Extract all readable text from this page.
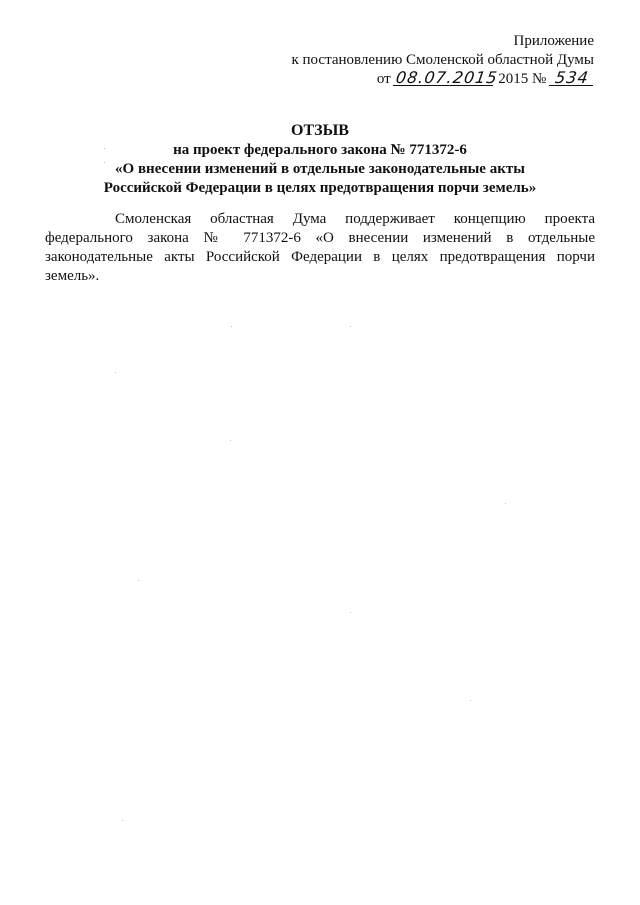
Приложение
к постановлению Смоленской областной Думы
от 08.07.2015 2015 № 534
ОТЗЫВ
на проект федерального закона № 771372-6
«О внесении изменений в отдельные законодательные акты
Российской Федерации в целях предотвращения порчи земель»
Смоленская областная Дума поддерживает концепцию проекта федерального закона № 771372-6 «О внесении изменений в отдельные законодательные акты Российской Федерации в целях предотвращения порчи земель».
